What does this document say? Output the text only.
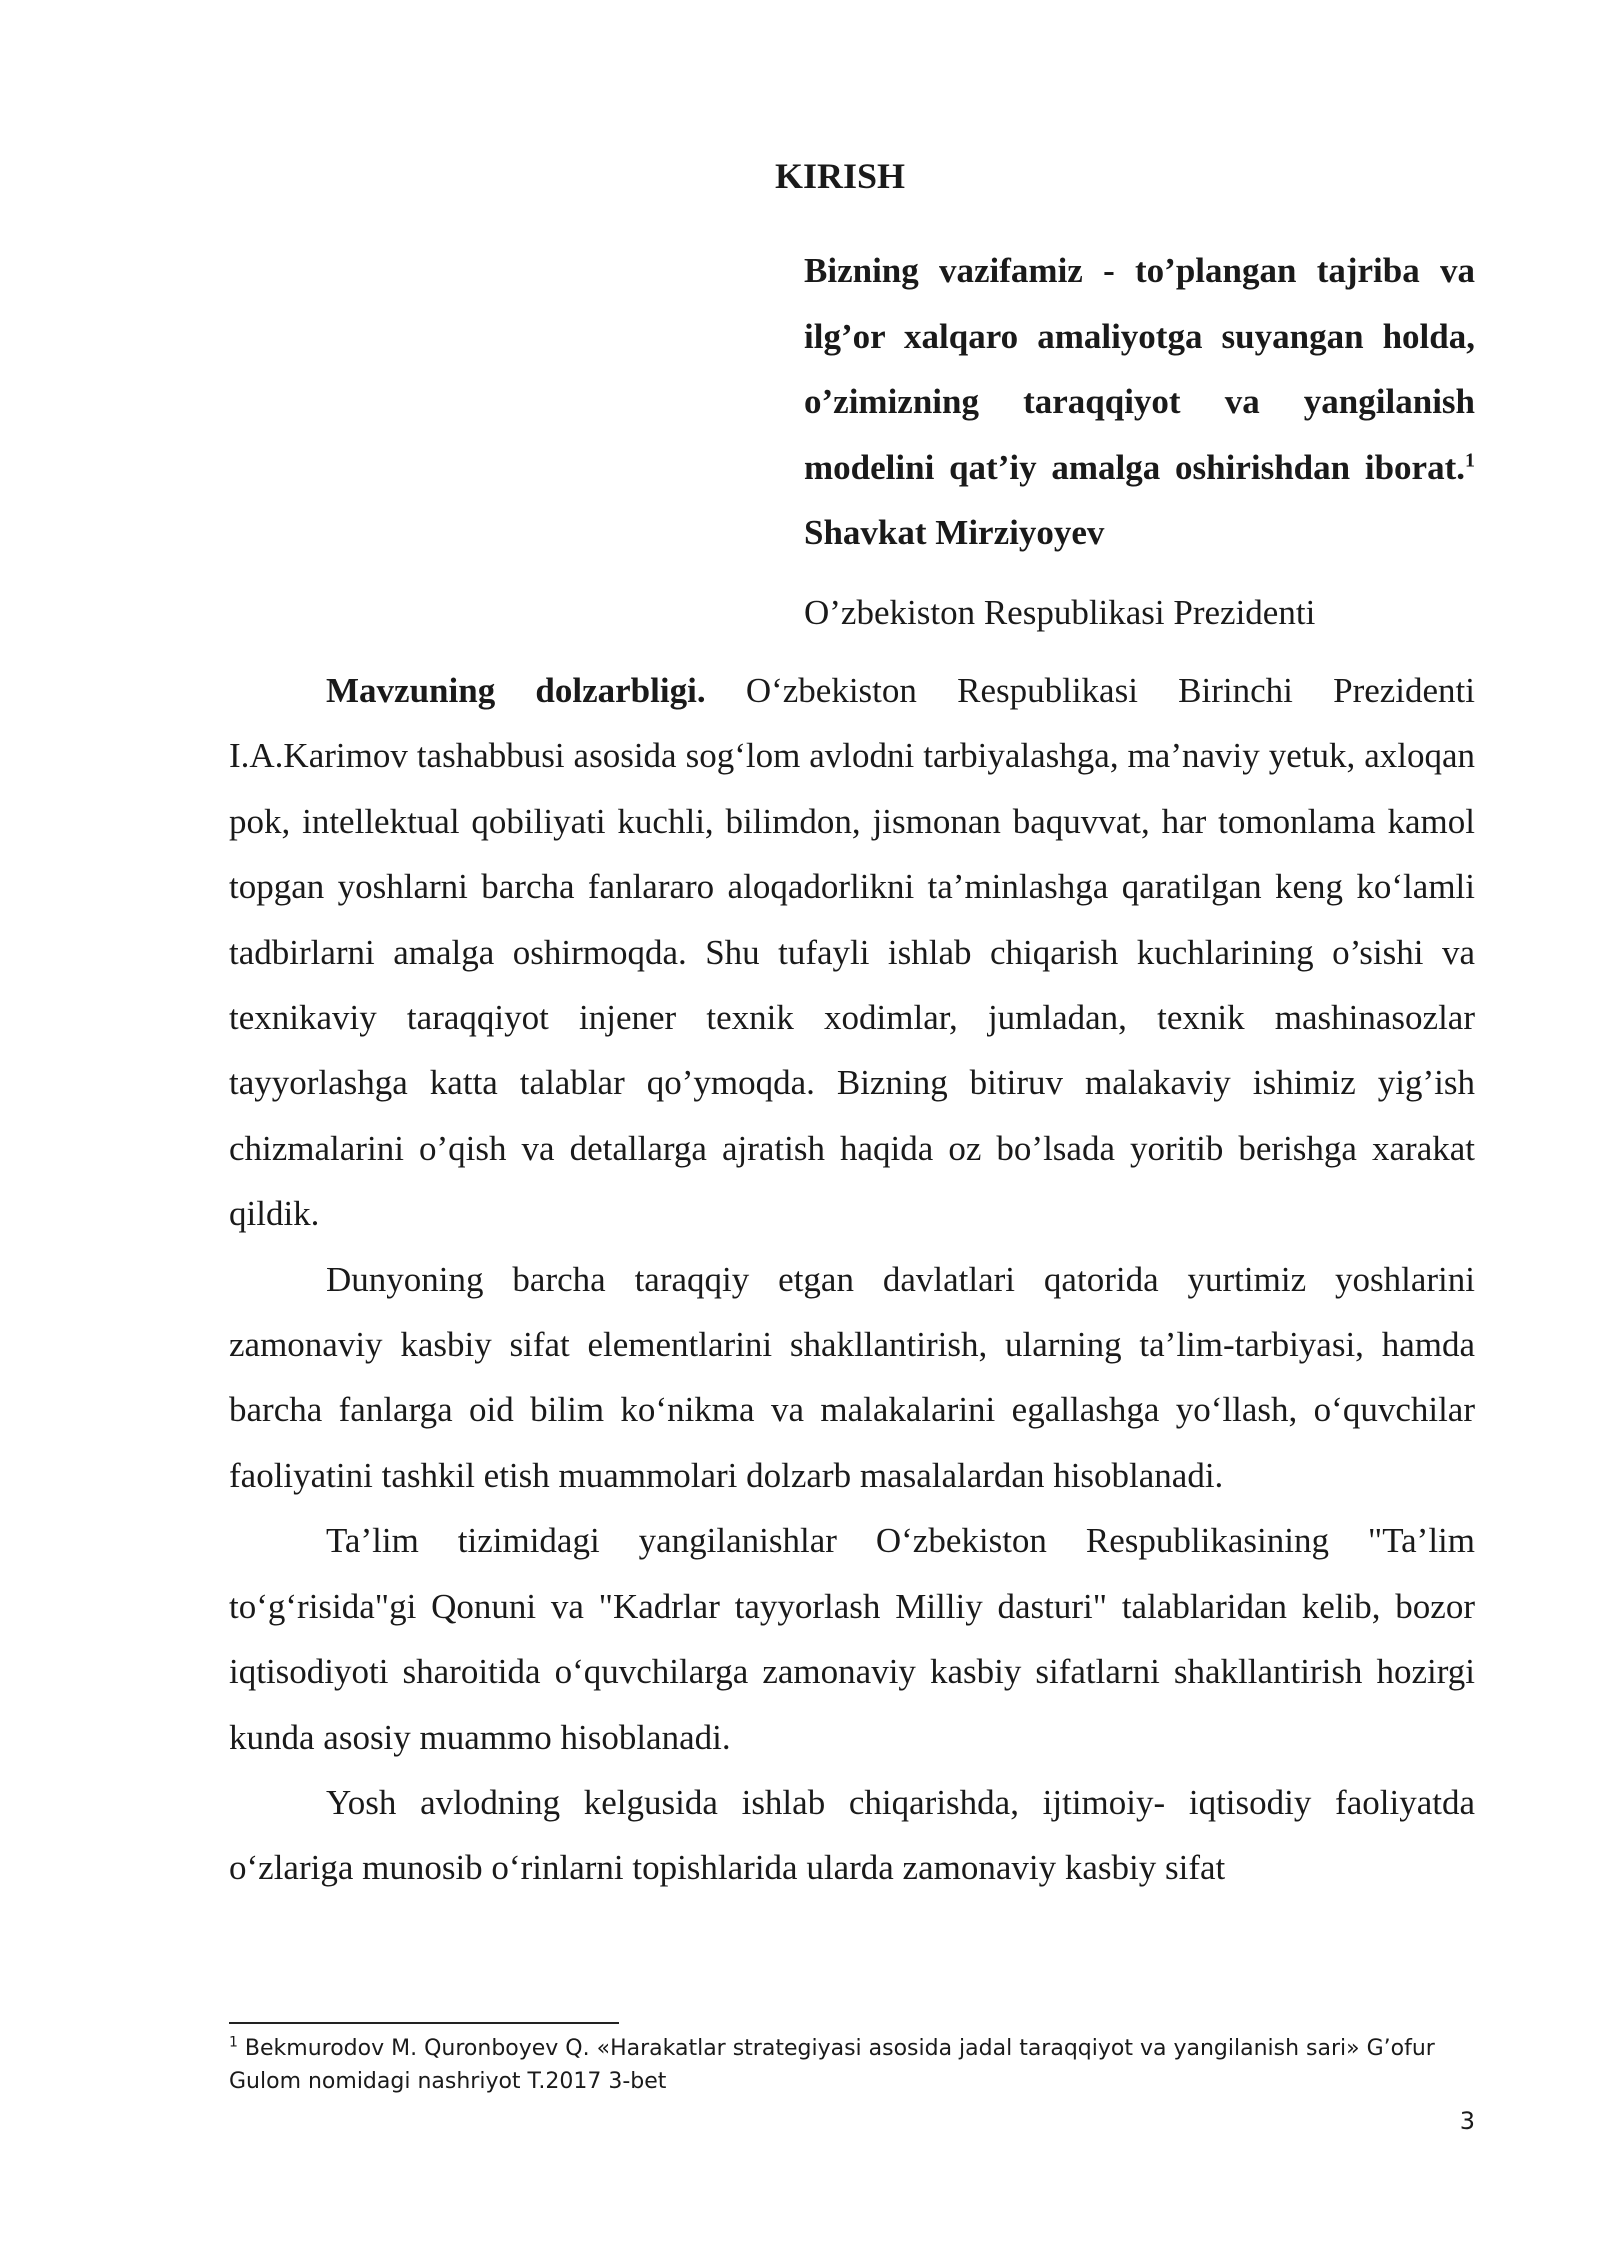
KIRISH
Bizning vazifamiz - to’plangan tajriba va ilg’or xalqaro amaliyotga suyangan holda, o’zimizning taraqqiyot va yangilanish modelini qat’iy amalga oshirishdan iborat.$^1$ Shavkat Mirziyoyev
O’zbekiston Respublikasi Prezidenti

Mavzuning dolzarbligi. O‘zbekiston Respublikasi Birinchi Prezidenti I.A.Karimov tashabbusi asosida sog‘lom avlodni tarbiyalashga, ma’naviy yetuk, axloqan pok, intellektual qobiliyati kuchli, bilimdon, jismonan baquvvat, har tomonlama kamol topgan yoshlarni barcha fanlararo aloqadorlikni ta’minlashga qaratilgan keng ko‘lamli tadbirlarni amalga oshirmoqda. Shu tufayli ishlab chiqarish kuchlarining o’sishi va texnikaviy taraqqiyot injener texnik xodimlar, jumladan, texnik mashinasozlar tayyorlashga katta talablar qo’ymoqda. Bizning bitiruv malakaviy ishimiz yig’ish chizmalarini o’qish va detallarga ajratish haqida oz bo’lsada yoritib berishga xarakat qildik.

Dunyoning barcha taraqqiy etgan davlatlari qatorida yurtimiz yoshlarini zamonaviy kasbiy sifat elementlarini shakllantirish, ularning ta’lim-tarbiyasi, hamda barcha fanlarga oid bilim ko‘nikma va malakalarini egallashga yo‘llash, o‘quvchilar faoliyatini tashkil etish muammolari dolzarb masalalardan hisoblanadi.

Ta’lim tizimidagi yangilanishlar O‘zbekiston Respublikasining "Ta’lim to‘g‘risida"gi Qonuni va "Kadrlar tayyorlash Milliy dasturi" talablaridan kelib, bozor iqtisodiyoti sharoitida o‘quvchilarga zamonaviy kasbiy sifatlarni shakllantirish hozirgi kunda asosiy muammo hisoblanadi.

Yosh avlodning kelgusida ishlab chiqarishda, ijtimoiy- iqtisodiy faoliyatda o‘zlariga munosib o‘rinlarni topishlarida ularda zamonaviy kasbiy sifat

$^1$ Bekmurodov M. Quronboyev Q. «Harakatlar strategiyasi asosida jadal taraqqiyot va yangilanish sari» G’ofur Gulom nomidagi nashriyot T.2017 3-bet
3
